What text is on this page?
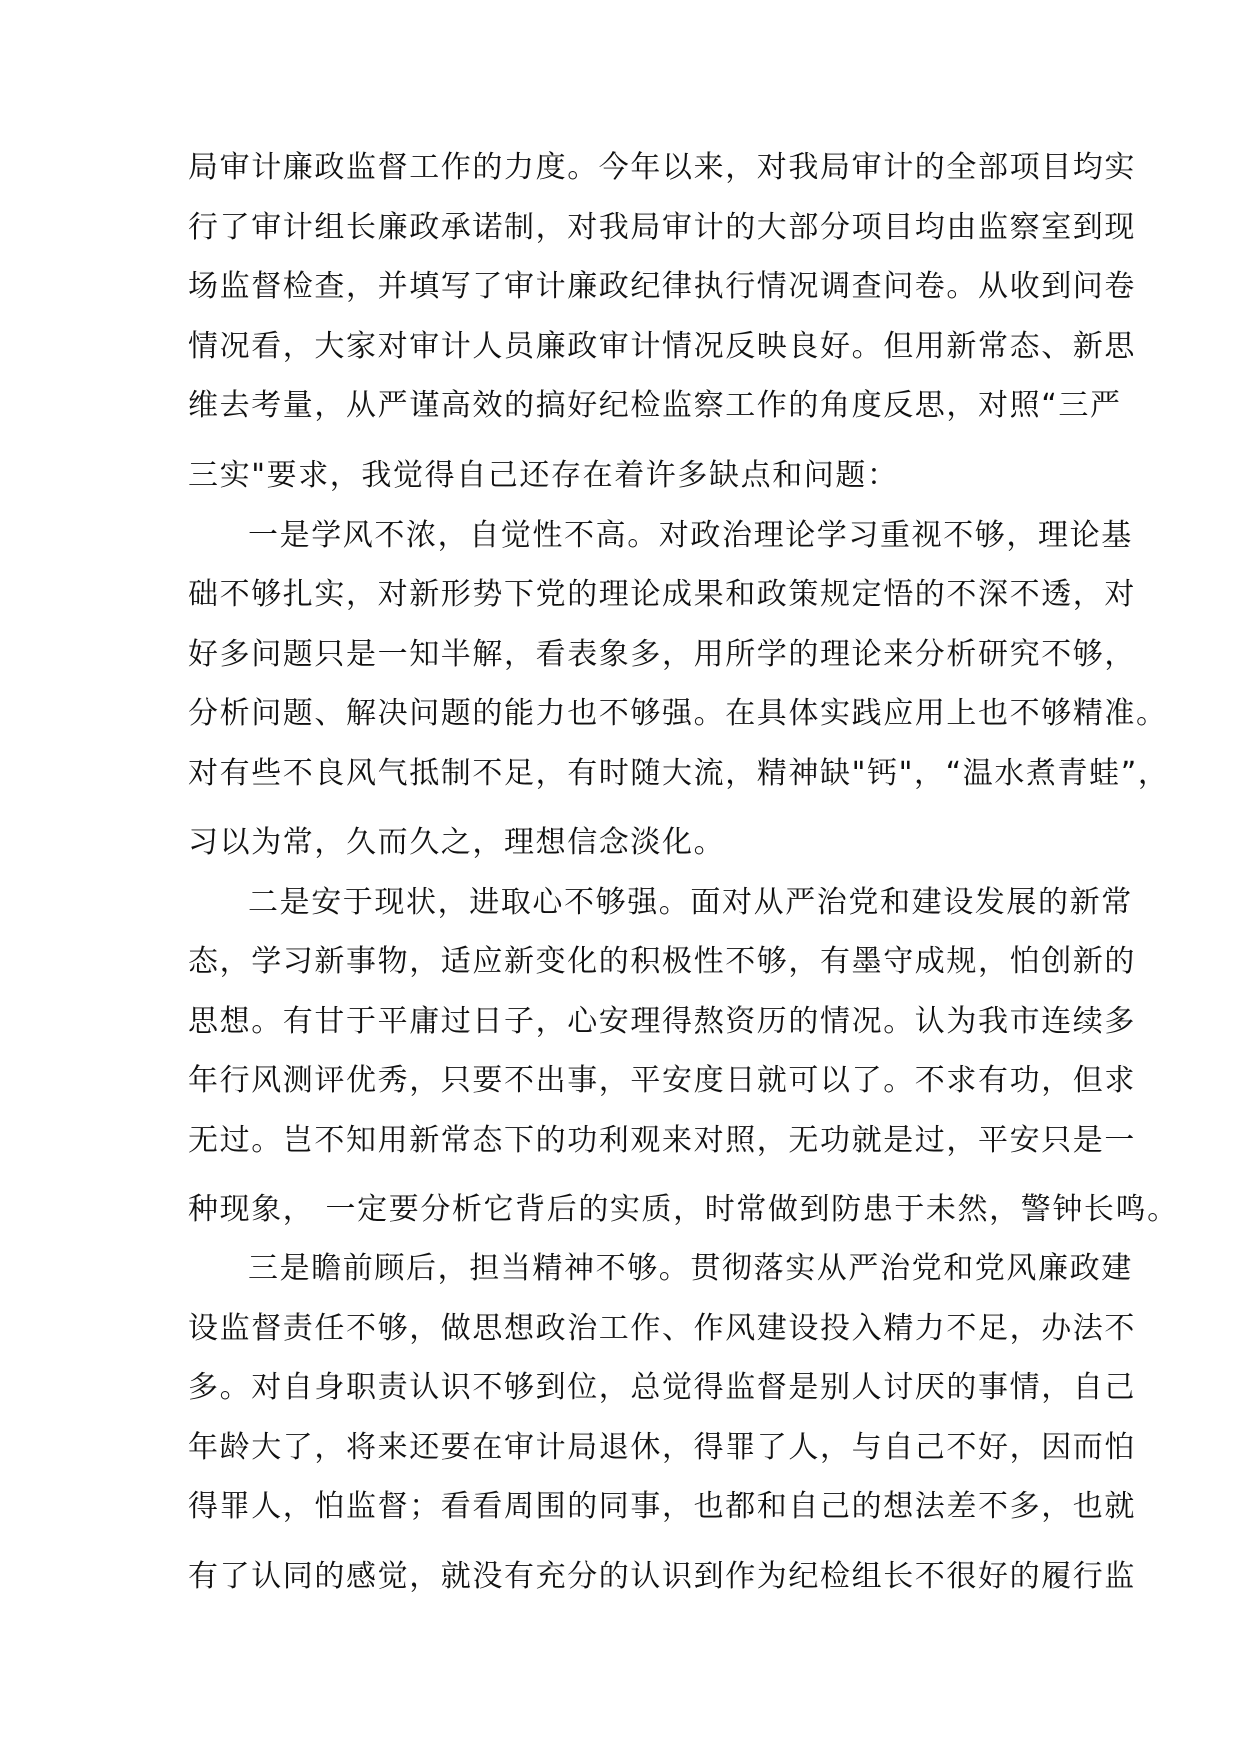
局审计廉政监督工作的力度。今年以来，对我局审计的全部项目均实
行了审计组长廉政承诺制，对我局审计的大部分项目均由监察室到现
场监督检查，并填写了审计廉政纪律执行情况调查问卷。从收到问卷
情况看，大家对审计人员廉政审计情况反映良好。但用新常态、新思
维去考量，从严谨高效的搞好纪检监察工作的角度反思，对照“三严
三实"要求，我觉得自己还存在着许多缺点和问题：
一是学风不浓，自觉性不高。对政治理论学习重视不够，理论基
础不够扎实，对新形势下党的理论成果和政策规定悟的不深不透，对
好多问题只是一知半解，看表象多，用所学的理论来分析研究不够，
分析问题、解决问题的能力也不够强。在具体实践应用上也不够精准。
对有些不良风气抵制不足，有时随大流，精神缺"钙"，“温水煮青蛙”，
习以为常，久而久之，理想信念淡化。
二是安于现状，进取心不够强。面对从严治党和建设发展的新常
态，学习新事物，适应新变化的积极性不够，有墨守成规，怕创新的
思想。有甘于平庸过日子，心安理得熬资历的情况。认为我市连续多
年行风测评优秀，只要不出事，平安度日就可以了。不求有功，但求
无过。岂不知用新常态下的功利观来对照，无功就是过，平安只是一
种现象， 一定要分析它背后的实质，时常做到防患于未然，警钟长鸣。
三是瞻前顾后，担当精神不够。贯彻落实从严治党和党风廉政建
设监督责任不够，做思想政治工作、作风建设投入精力不足，办法不
多。对自身职责认识不够到位，总觉得监督是别人讨厌的事情，自己
年龄大了，将来还要在审计局退休，得罪了人，与自己不好，因而怕
得罪人，怕监督；看看周围的同事，也都和自己的想法差不多，也就
有了认同的感觉，就没有充分的认识到作为纪检组长不很好的履行监
